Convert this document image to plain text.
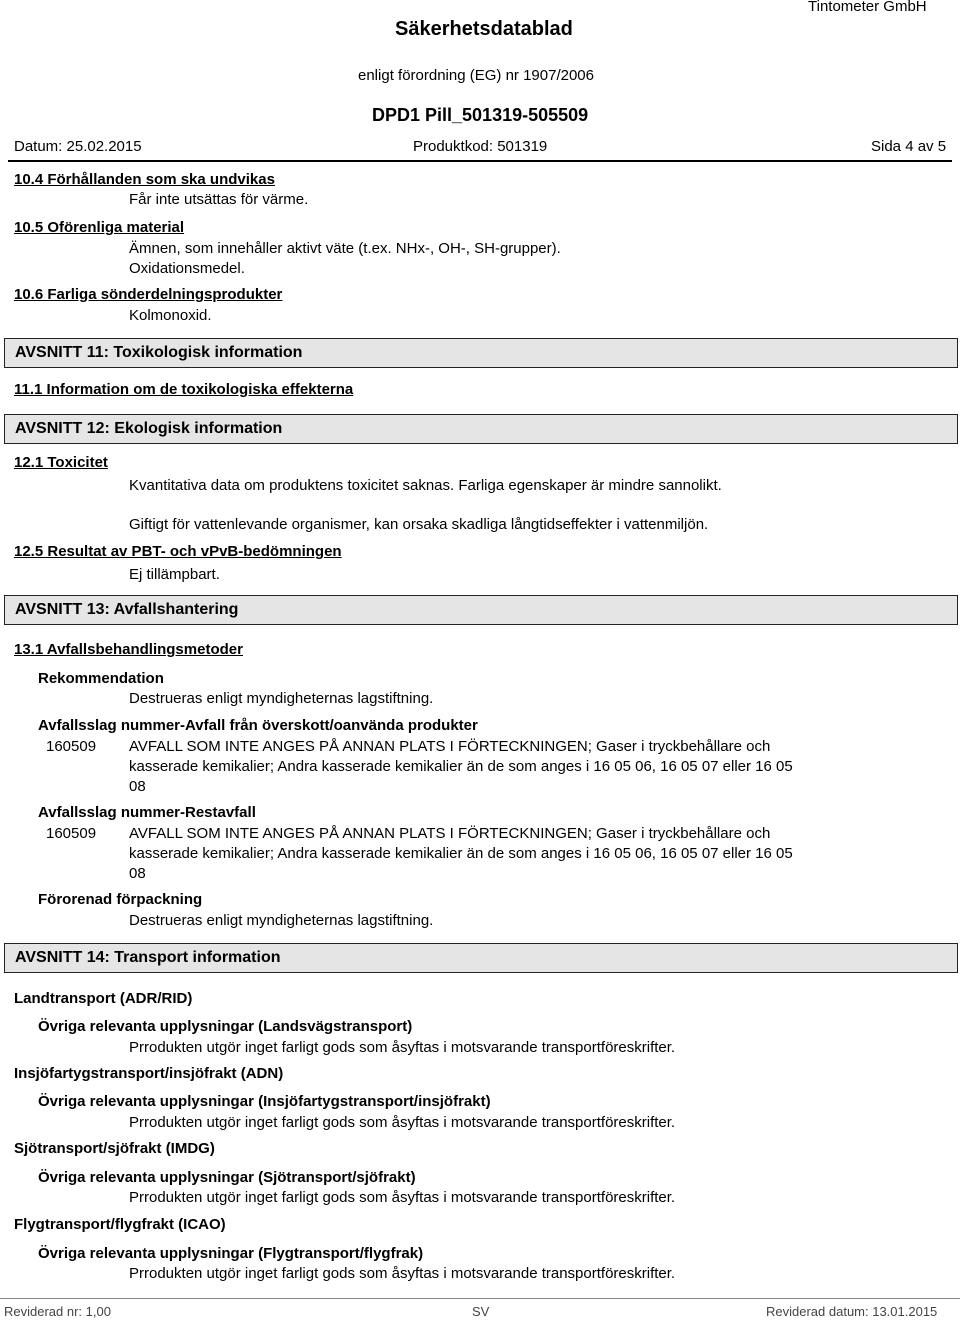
Säkerhetsdatablad
Tintometer GmbH
enligt förordning (EG) nr 1907/2006
DPD1 Pill_501319-505509
Datum: 25.02.2015	Produktkod: 501319	Sida 4 av 5
10.4 Förhållanden som ska undvikas
Får inte utsättas för värme.
10.5 Oförenliga material
Ämnen, som innehåller aktivt väte (t.ex. NHx-, OH-, SH-grupper).
Oxidationsmedel.
10.6 Farliga sönderdelningsprodukter
Kolmonoxid.
AVSNITT 11: Toxikologisk information
11.1 Information om de toxikologiska effekterna
AVSNITT 12: Ekologisk information
12.1 Toxicitet
Kvantitativa data om produktens toxicitet saknas. Farliga egenskaper är mindre sannolikt.
Giftigt för vattenlevande organismer, kan orsaka skadliga långtidseffekter i vattenmiljön.
12.5 Resultat av PBT- och vPvB-bedömningen
Ej tillämpbart.
AVSNITT 13: Avfallshantering
13.1 Avfallsbehandlingsmetoder
Rekommendation
Destrueras enligt myndigheternas lagstiftning.
Avfallsslag nummer-Avfall från överskott/oanvända produkter
160509 AVFALL SOM INTE ANGES PÅ ANNAN PLATS I FÖRTECKNINGEN; Gaser i tryckbehållare och
kasserade kemikalier; Andra kasserade kemikalier än de som anges i 16 05 06, 16 05 07 eller 16 05
08
Avfallsslag nummer-Restavfall
160509 AVFALL SOM INTE ANGES PÅ ANNAN PLATS I FÖRTECKNINGEN; Gaser i tryckbehållare och
kasserade kemikalier; Andra kasserade kemikalier än de som anges i 16 05 06, 16 05 07 eller 16 05
08
Förorenad förpackning
Destrueras enligt myndigheternas lagstiftning.
AVSNITT 14: Transport information
Landtransport (ADR/RID)
Övriga relevanta upplysningar (Landsvägstransport)
Prrodukten utgör inget farligt gods som åsyftas i motsvarande transportföreskrifter.
Insjöfartygstransport/insjöfrakt (ADN)
Övriga relevanta upplysningar (Insjöfartygstransport/insjöfrakt)
Prrodukten utgör inget farligt gods som åsyftas i motsvarande transportföreskrifter.
Sjötransport/sjöfrakt (IMDG)
Övriga relevanta upplysningar (Sjötransport/sjöfrakt)
Prrodukten utgör inget farligt gods som åsyftas i motsvarande transportföreskrifter.
Flygtransport/flygfrakt (ICAO)
Övriga relevanta upplysningar (Flygtransport/flygfrak)
Prrodukten utgör inget farligt gods som åsyftas i motsvarande transportföreskrifter.
Reviderad nr: 1,00	SV	Reviderad datum: 13.01.2015
